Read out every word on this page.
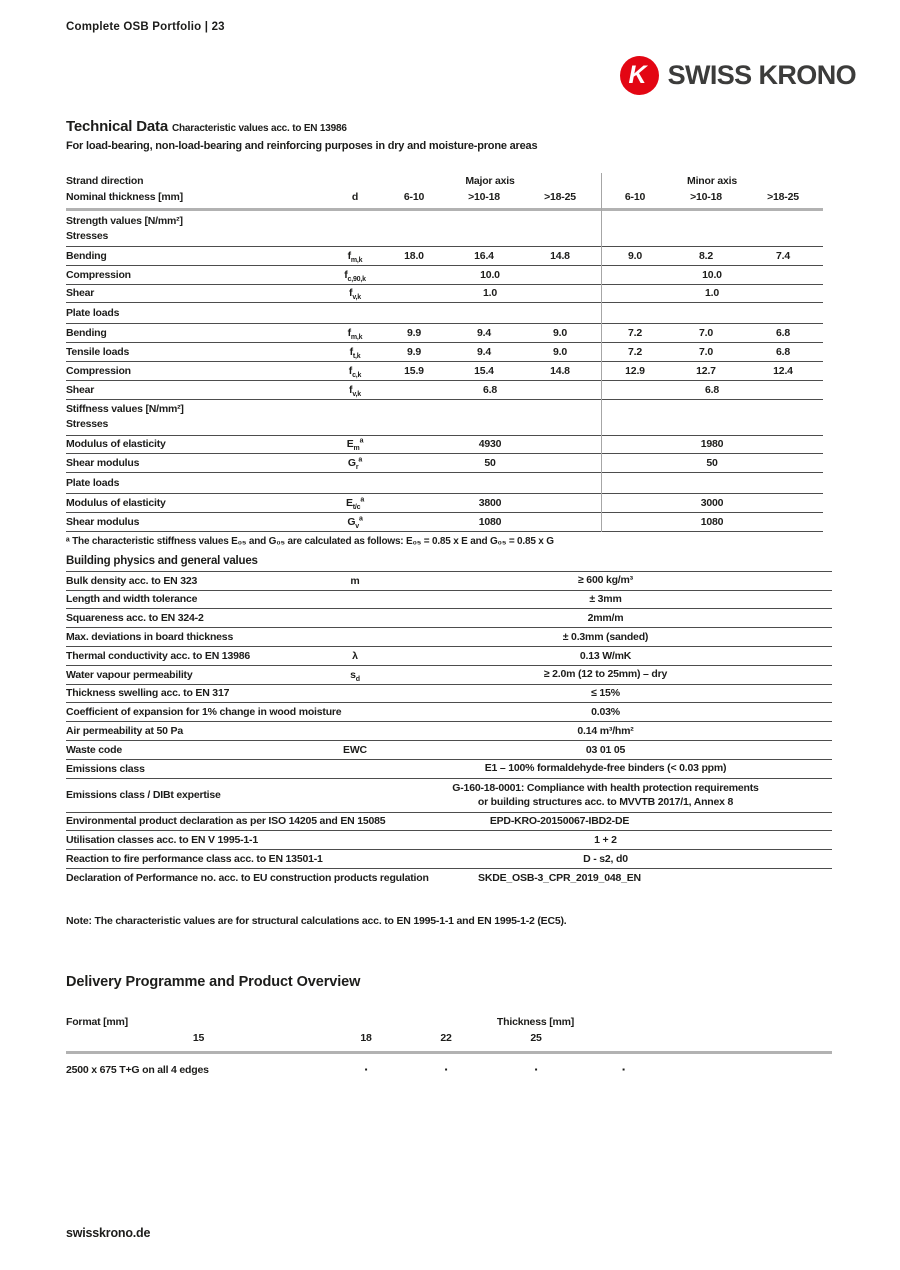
Complete OSB Portfolio | 23
K SWISS KRONO
Technical Data Characteristic values acc. to EN 13986
For load-bearing, non-load-bearing and reinforcing purposes in dry and moisture-prone areas
Strand direction	Major axis	Minor axis
Nominal thickness [mm]	d	6-10	>10-18	>18-25	6-10	>10-18	>18-25
Strength values [N/mm²]
Stresses
Bending	$f_{m,k}$	18.0	16.4	14.8	9.0	8.2	7.4
Compression	$f_{c,90,k}$	10.0	10.0
Shear	$f_{v,k}$	1.0	1.0
Plate loads
Bending	$f_{m,k}$	9.9	9.4	9.0	7.2	7.0	6.8
Tensile loads	$f_{t,k}$	9.9	9.4	9.0	7.2	7.0	6.8
Compression	$f_{c,k}$	15.9	15.4	14.8	12.9	12.7	12.4
Shear	$f_{v,k}$	6.8	6.8
Stiffness values [N/mm²]
Stresses
Modulus of elasticity	$E_m^a$	4930	1980
Shear modulus	$G_r^a$	50	50
Plate loads
Modulus of elasticity	$E_{t/c}^a$	3800	3000
Shear modulus	$G_v^a$	1080	1080
ᵃ The characteristic stiffness values E₀₅ and G₀₅ are calculated as follows: E₀₅ = 0.85 x E and G₀₅ = 0.85 x G
Building physics and general values
Bulk density acc. to EN 323	m	≥ 600 kg/m³
Length and width tolerance	± 3mm
Squareness acc. to EN 324-2	2mm/m
Max. deviations in board thickness	± 0.3mm (sanded)
Thermal conductivity acc. to EN 13986	λ	0.13 W/mK
Water vapour permeability	$s_d$	≥ 2.0m (12 to 25mm) – dry
Thickness swelling acc. to EN 317	≤ 15%
Coefficient of expansion for 1% change in wood moisture	0.03%
Air permeability at 50 Pa	0.14 m³/hm²
Waste code	EWC	03 01 05
Emissions class	E1 – 100% formaldehyde-free binders (< 0.03 ppm)
Emissions class / DIBt expertise
G-160-18-0001: Compliance with health protection requirements
or building structures acc. to MVVTB 2017/1, Annex 8
Environmental product declaration as per ISO 14205 and EN 15085	EPD-KRO-20150067-IBD2-DE
Utilisation classes acc. to EN V 1995-1-1	1 + 2
Reaction to fire performance class acc. to EN 13501-1	D - s2, d0
Declaration of Performance no. acc. to EU construction products regulation	SKDE_OSB-3_CPR_2019_048_EN
Note: The characteristic values are for structural calculations acc. to EN 1995-1-1 and EN 1995-1-2 (EC5).
Delivery Programme and Product Overview
Format [mm]	Thickness [mm]
15	18	22	25
2500 x 675 T+G on all 4 edges	▪	▪	▪	▪
swisskrono.de
